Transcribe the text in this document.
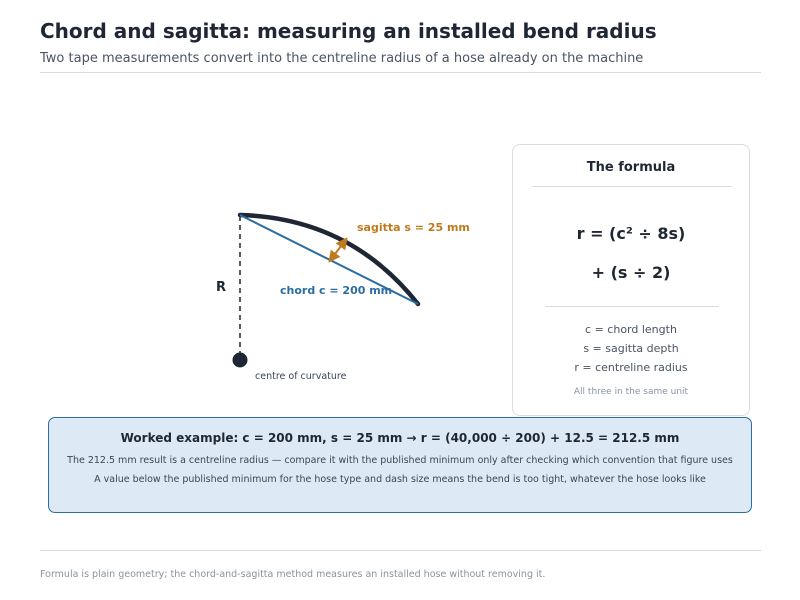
Chord and sagitta: measuring an installed bend radius
Two tape measurements convert into the centreline radius of a hose already on the machine
sagitta s = 25 mm
chord c = 200 mm
R
centre of curvature
The formula
r = (c² ÷ 8s)
+ (s ÷ 2)
c = chord length
s = sagitta depth
r = centreline radius
All three in the same unit
Worked example: c = 200 mm, s = 25 mm → r = (40,000 ÷ 200) + 12.5 = 212.5 mm
The 212.5 mm result is a centreline radius — compare it with the published minimum only after checking which convention that figure uses
A value below the published minimum for the hose type and dash size means the bend is too tight, whatever the hose looks like
Formula is plain geometry; the chord-and-sagitta method measures an installed hose without removing it.
